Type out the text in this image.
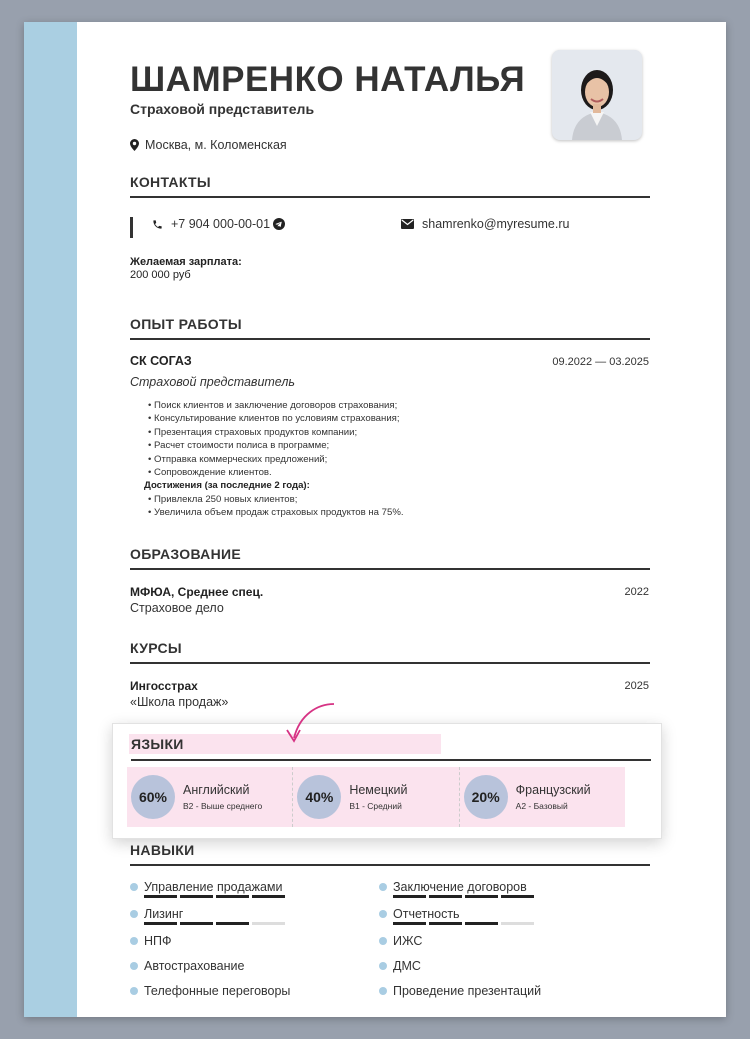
ШАМРЕНКО НАТАЛЬЯ
Страховой представитель
Москва, м. Коломенская
КОНТАКТЫ
+7 904 000-00-01	shamrenko@myresume.ru
Желаемая зарплата:
200 000 руб
ОПЫТ РАБОТЫ
СК СОГАЗ	09.2022 — 03.2025
Страховой представитель
• Поиск клиентов и заключение договоров страхования;
• Консультирование клиентов по условиям страхования;
• Презентация страховых продуктов компании;
• Расчет стоимости полиса в программе;
• Отправка коммерческих предложений;
• Сопровождение клиентов.
Достижения (за последние 2 года):
• Привлекла 250 новых клиентов;
• Увеличила объем продаж страховых продуктов на 75%.
ОБРАЗОВАНИЕ
МФЮА, Среднее спец.	2022
Страховое дело
КУРСЫ
Ингосстрах	2025
«Школа продаж»
ЯЗЫКИ
60%	Английский
B2 - Выше среднего
40%	Немецкий
B1 - Средний
20%	Французский
A2 - Базовый
НАВЫКИ
Управление продажами	Заключение договоров
Лизинг	Отчетность
НПФ	ИЖС
Автострахование	ДМС
Телефонные переговоры	Проведение презентаций
